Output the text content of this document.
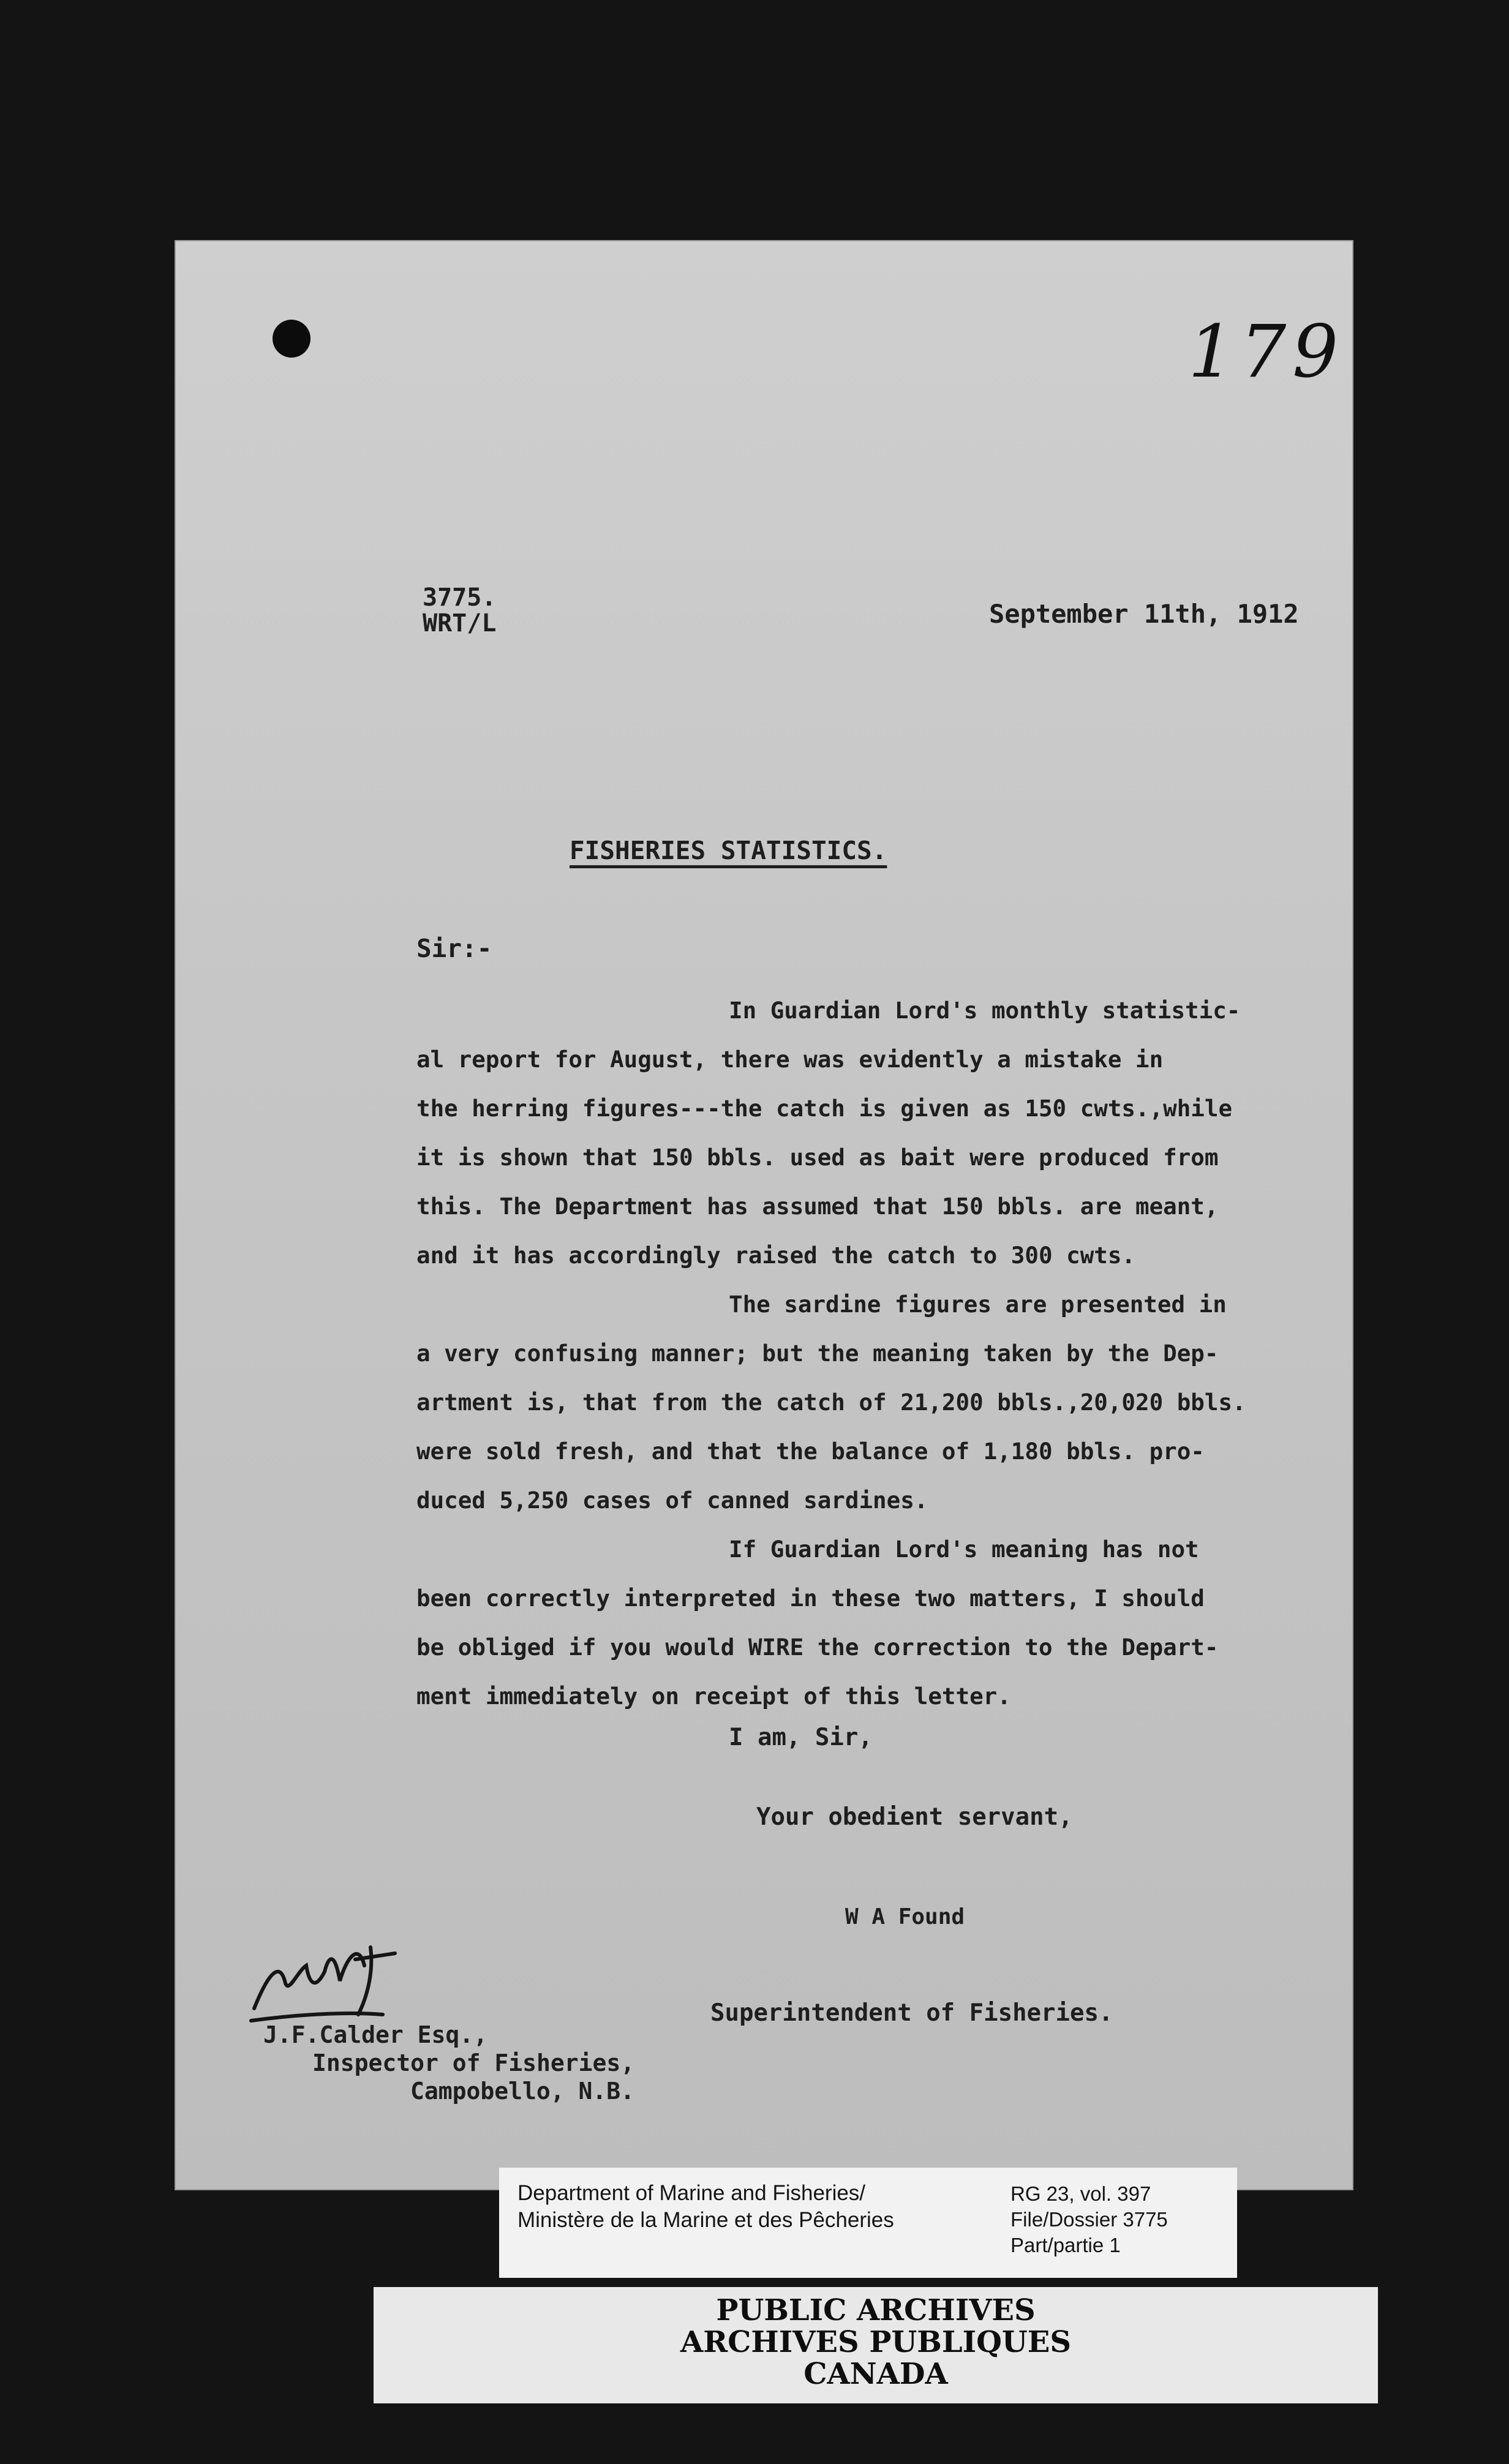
179
3775.
WRT/L	September 11th, 1912
FISHERIES STATISTICS.
Sir:-
In Guardian Lord's monthly statistic-
al report for August, there was evidently a mistake in
the herring figures---the catch is given as 150 cwts.,while
it is shown that 150 bbls. used as bait were produced from
this. The Department has assumed that 150 bbls. are meant,
and it has accordingly raised the catch to 300 cwts.
The sardine figures are presented in
a very confusing manner; but the meaning taken by the Dep-
artment is, that from the catch of 21,200 bbls.,20,020 bbls.
were sold fresh, and that the balance of 1,180 bbls. pro-
duced 5,250 cases of canned sardines.
If Guardian Lord's meaning has not
been correctly interpreted in these two matters, I should
be obliged if you would WIRE the correction to the Depart-
ment immediately on receipt of this letter.
I am, Sir,
Your obedient servant,
W A Found
Superintendent of Fisheries.
J.F.Calder Esq.,
Inspector of Fisheries,
Campobello, N.B.
Department of Marine and Fisheries/
Ministère de la Marine et des Pêcheries
RG 23, vol. 397
File/Dossier 3775
Part/partie 1
PUBLIC ARCHIVES
ARCHIVES PUBLIQUES
CANADA
